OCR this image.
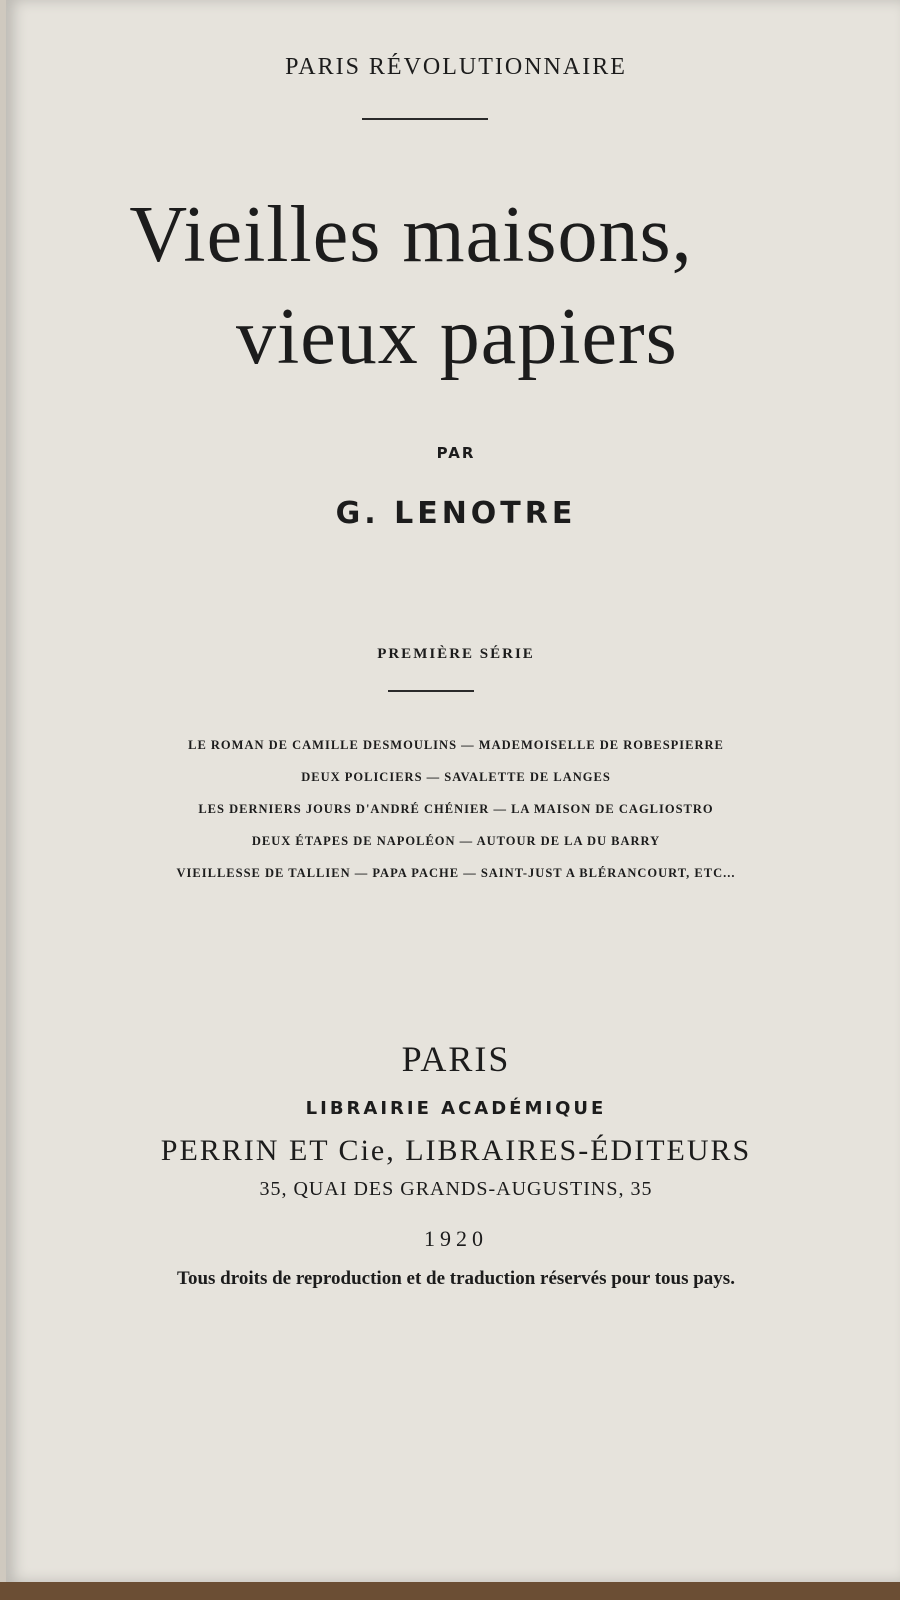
PARIS RÉVOLUTIONNAIRE
Vieilles maisons,
vieux papiers
PAR
G. LENOTRE
PREMIÈRE SÉRIE
LE ROMAN DE CAMILLE DESMOULINS — MADEMOISELLE DE ROBESPIERRE
DEUX POLICIERS — SAVALETTE DE LANGES
LES DERNIERS JOURS D'ANDRÉ CHÉNIER — LA MAISON DE CAGLIOSTRO
DEUX ÉTAPES DE NAPOLÉON — AUTOUR DE LA DU BARRY
VIEILLESSE DE TALLIEN — PAPA PACHE — SAINT-JUST A BLÉRANCOURT, ETC...
PARIS
LIBRAIRIE ACADÉMIQUE
PERRIN ET Cie, LIBRAIRES-ÉDITEURS
35, QUAI DES GRANDS-AUGUSTINS, 35
1920
Tous droits de reproduction et de traduction réservés pour tous pays.
